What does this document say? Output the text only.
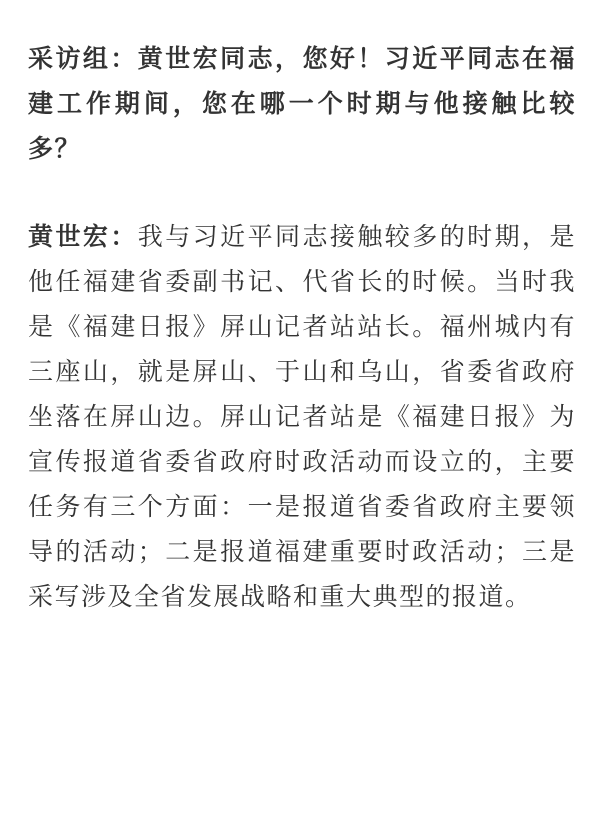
采访组：黄世宏同志，您好！习近平同志在福建工作期间，您在哪一个时期与他接触比较多？

黄世宏：我与习近平同志接触较多的时期，是他任福建省委副书记、代省长的时候。当时我是《福建日报》屏山记者站站长。福州城内有三座山，就是屏山、于山和乌山，省委省政府坐落在屏山边。屏山记者站是《福建日报》为宣传报道省委省政府时政活动而设立的，主要任务有三个方面：一是报道省委省政府主要领导的活动；二是报道福建重要时政活动；三是采写涉及全省发展战略和重大典型的报道。
